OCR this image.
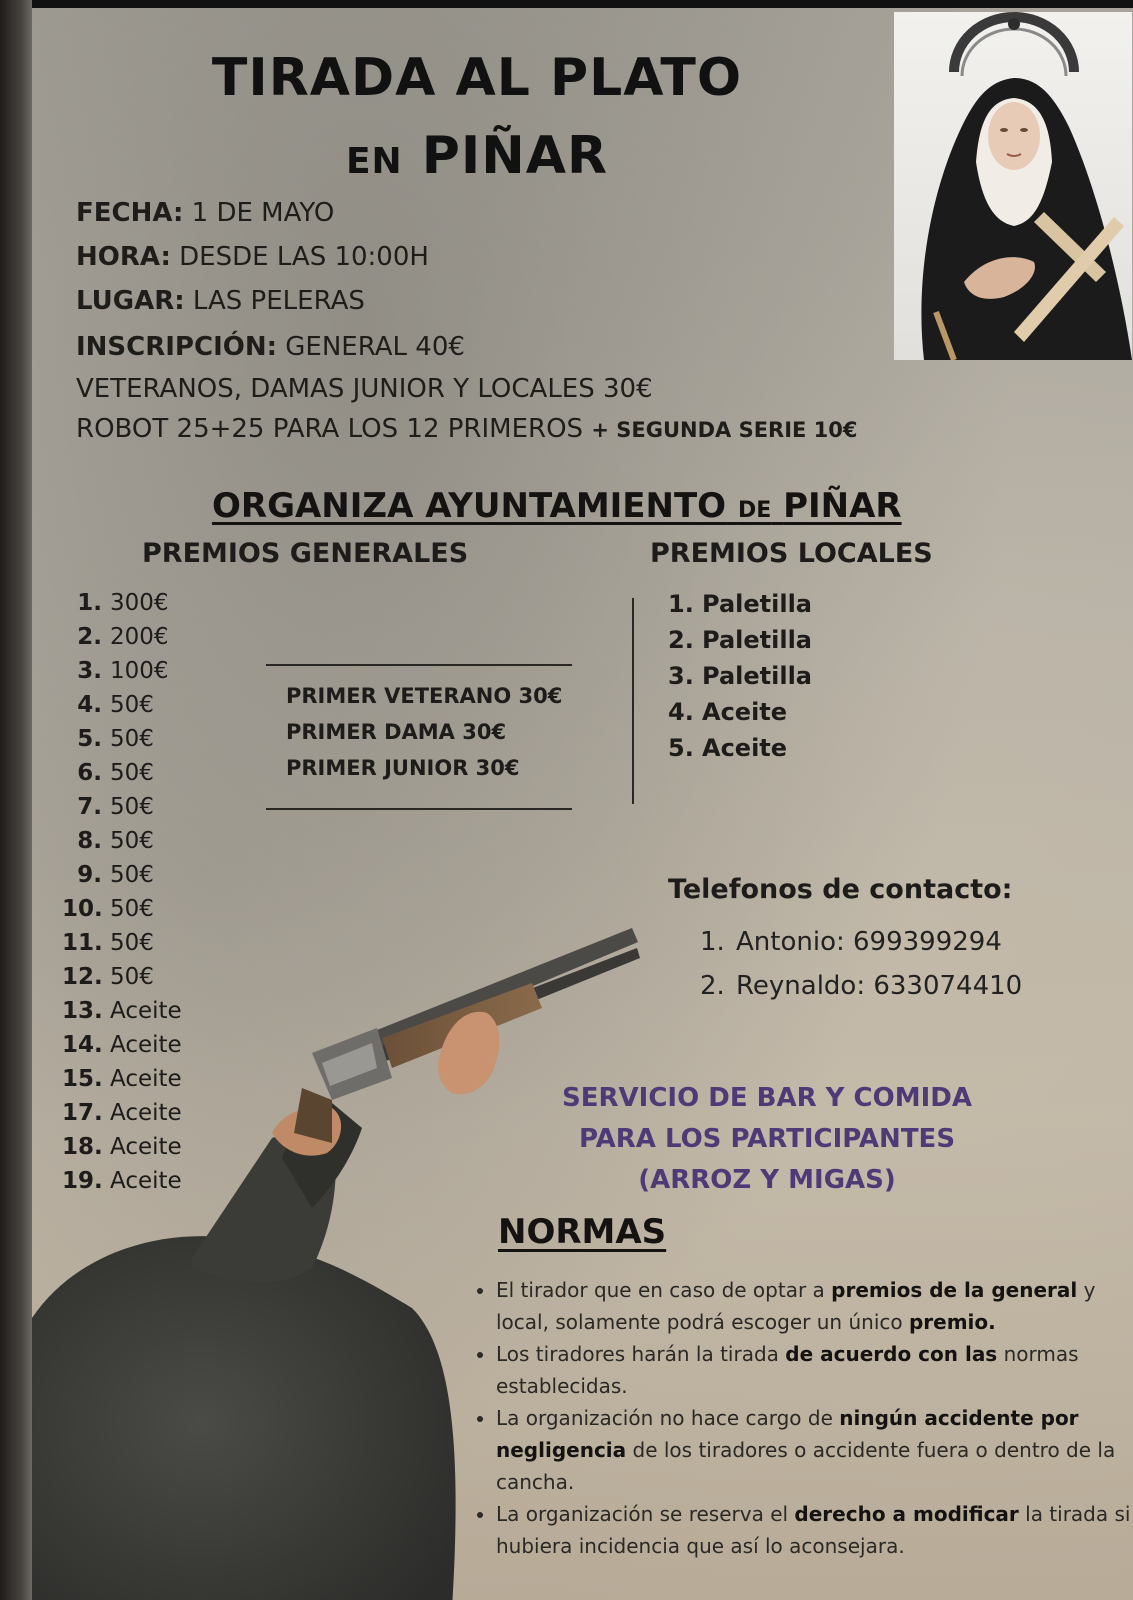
TIRADA AL PLATO
EN PIÑAR
FECHA: 1 DE MAYO
HORA: DESDE LAS 10:00H
LUGAR: LAS PELERAS
INSCRIPCIÓN: GENERAL 40€
VETERANOS, DAMAS JUNIOR Y LOCALES 30€
ROBOT 25+25 PARA LOS 12 PRIMEROS + SEGUNDA SERIE 10€
ORGANIZA AYUNTAMIENTO DE PIÑAR
PREMIOS GENERALES
1. 300€
2. 200€
3. 100€
4. 50€
5. 50€
6. 50€
7. 50€
8. 50€
9. 50€
10. 50€
11. 50€
12. 50€
13. Aceite
14. Aceite
15. Aceite
17. Aceite
18. Aceite
19. Aceite
PRIMER VETERANO 30€
PRIMER DAMA 30€
PRIMER JUNIOR 30€
PREMIOS LOCALES
1. Paletilla
2. Paletilla
3. Paletilla
4. Aceite
5. Aceite
Telefonos de contacto:
1. Antonio: 699399294
2. Reynaldo: 633074410
SERVICIO DE BAR Y COMIDA
PARA LOS PARTICIPANTES
(ARROZ Y MIGAS)
NORMAS
• El tirador que en caso de optar a premios de la general y local, solamente podrá escoger un único premio.
• Los tiradores harán la tirada de acuerdo con las normas establecidas.
• La organización no hace cargo de ningún accidente por negligencia de los tiradores o accidente fuera o dentro de la cancha.
• La organización se reserva el derecho a modificar la tirada si hubiera incidencia que así lo aconsejara.
